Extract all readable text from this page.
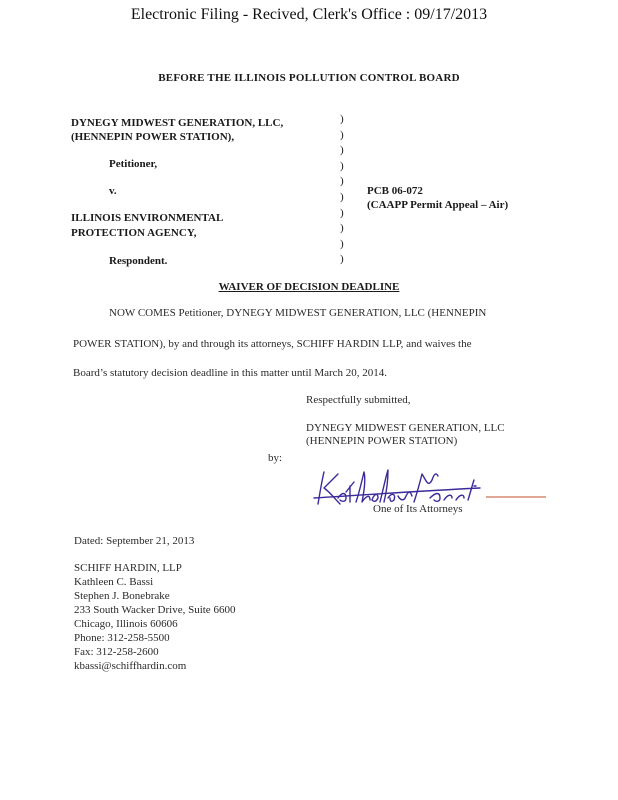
Electronic Filing - Recived, Clerk's Office : 09/17/2013
BEFORE THE ILLINOIS POLLUTION CONTROL BOARD
DYNEGY MIDWEST GENERATION, LLC,
(HENNEPIN POWER STATION),
Petitioner,
v.
ILLINOIS ENVIRONMENTAL
PROTECTION AGENCY,
Respondent.
)
)
)
)
)
)
)
)
)
)
PCB 06-072
(CAAPP Permit Appeal – Air)
WAIVER OF DECISION DEADLINE
NOW COMES Petitioner, DYNEGY MIDWEST GENERATION, LLC (HENNEPIN
POWER STATION), by and through its attorneys, SCHIFF HARDIN LLP, and waives the
Board’s statutory decision deadline in this matter until March 20, 2014.
Respectfully submitted,
DYNEGY MIDWEST GENERATION, LLC
(HENNEPIN POWER STATION)
by:
One of Its Attorneys
Dated: September 21, 2013
SCHIFF HARDIN, LLP
Kathleen C. Bassi
Stephen J. Bonebrake
233 South Wacker Drive, Suite 6600
Chicago, Illinois 60606
Phone: 312-258-5500
Fax: 312-258-2600
kbassi@schiffhardin.com
